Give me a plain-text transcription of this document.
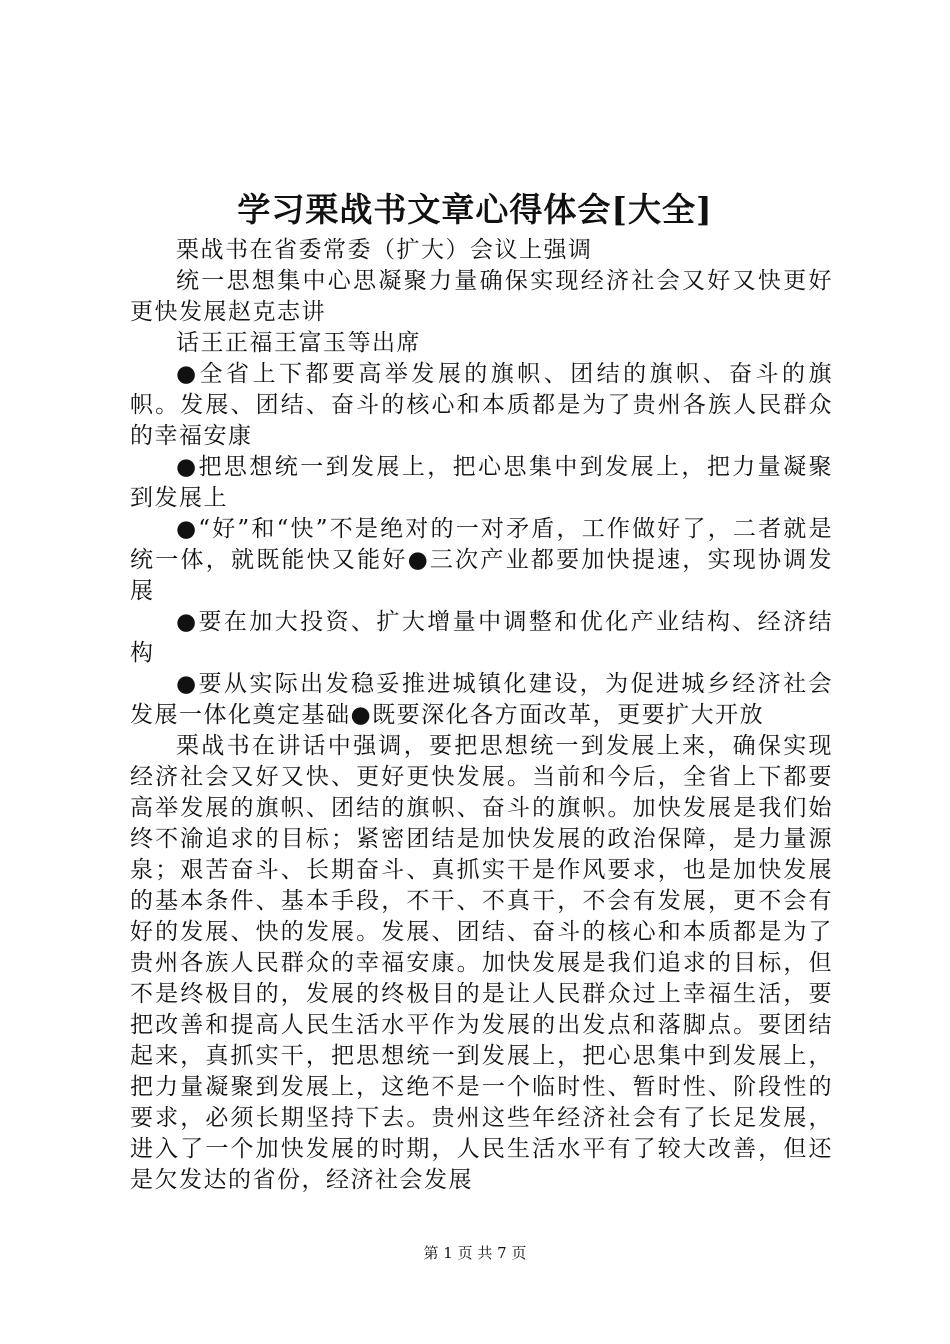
学习栗战书文章心得体会[大全]

栗战书在省委常委（扩大）会议上强调

统一思想集中心思凝聚力量确保实现经济社会又好又快更好更快发展赵克志讲

话王正福王富玉等出席

●全省上下都要高举发展的旗帜、团结的旗帜、奋斗的旗帜。发展、团结、奋斗的核心和本质都是为了贵州各族人民群众的幸福安康

●把思想统一到发展上，把心思集中到发展上，把力量凝聚到发展上

●“好”和“快”不是绝对的一对矛盾，工作做好了，二者就是统一体，就既能快又能好●三次产业都要加快提速，实现协调发展

●要在加大投资、扩大增量中调整和优化产业结构、经济结构

●要从实际出发稳妥推进城镇化建设，为促进城乡经济社会发展一体化奠定基础●既要深化各方面改革，更要扩大开放

栗战书在讲话中强调，要把思想统一到发展上来，确保实现经济社会又好又快、更好更快发展。当前和今后，全省上下都要高举发展的旗帜、团结的旗帜、奋斗的旗帜。加快发展是我们始终不渝追求的目标；紧密团结是加快发展的政治保障，是力量源泉；艰苦奋斗、长期奋斗、真抓实干是作风要求，也是加快发展的基本条件、基本手段，不干、不真干，不会有发展，更不会有好的发展、快的发展。发展、团结、奋斗的核心和本质都是为了贵州各族人民群众的幸福安康。加快发展是我们追求的目标，但不是终极目的，发展的终极目的是让人民群众过上幸福生活，要把改善和提高人民生活水平作为发展的出发点和落脚点。要团结起来，真抓实干，把思想统一到发展上，把心思集中到发展上，把力量凝聚到发展上，这绝不是一个临时性、暂时性、阶段性的要求，必须长期坚持下去。贵州这些年经济社会有了长足发展，进入了一个加快发展的时期，人民生活水平有了较大改善，但还是欠发达的省份，经济社会发展

第 1 页 共 7 页
